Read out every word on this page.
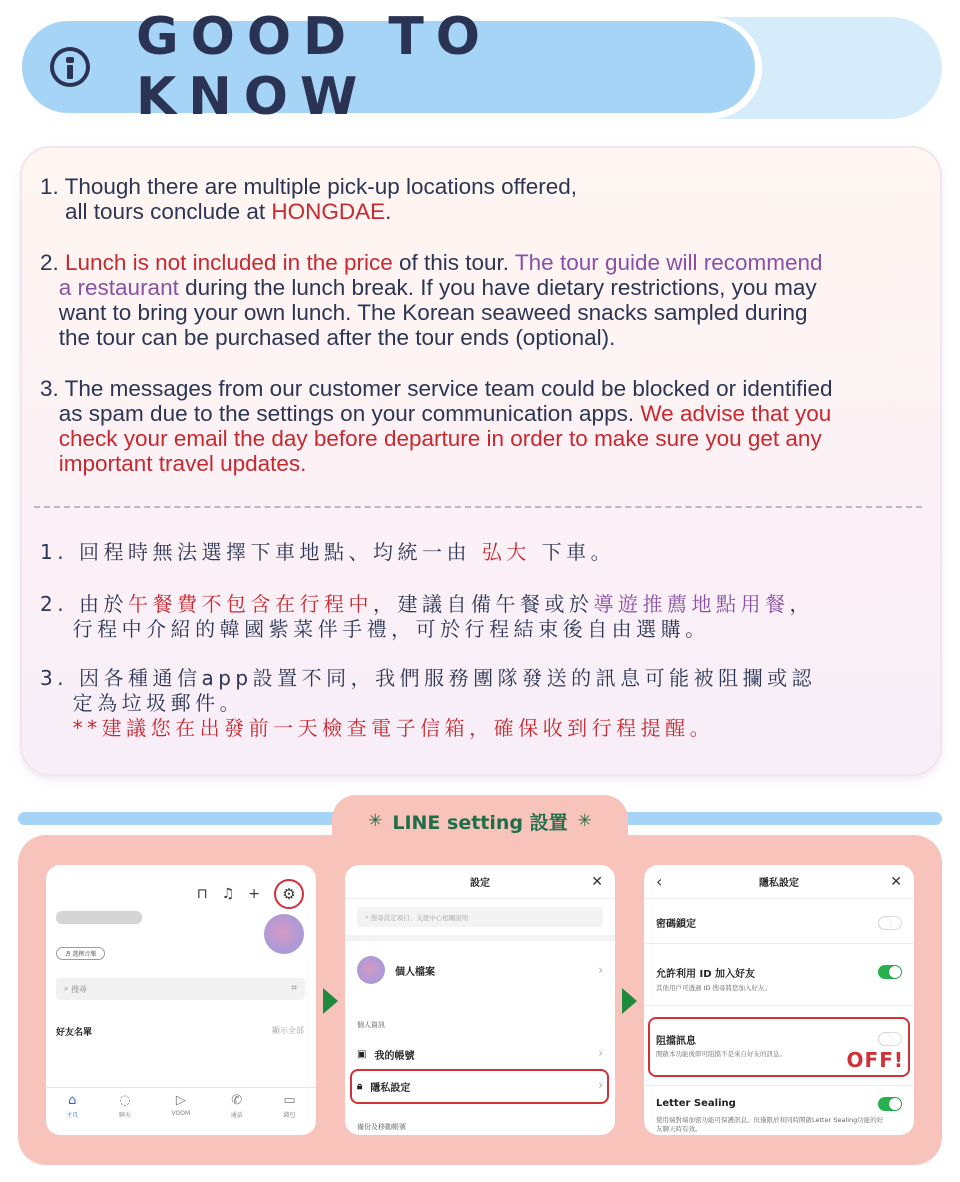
GOOD TO KNOW
1. Though there are multiple pick-up locations offered,
all tours conclude at HONGDAE.
2. Lunch is not included in the price of this tour. The tour guide will recommend
a restaurant during the lunch break. If you have dietary restrictions, you may
want to bring your own lunch. The Korean seaweed snacks sampled during
the tour can be purchased after the tour ends (optional).
3. The messages from our customer service team could be blocked or identified
as spam due to the settings on your communication apps. We advise that you
check your email the day before departure in order to make sure you get any
important travel updates.
1. 回程時無法選擇下車地點、均統一由 弘大 下車。
2. 由於午餐費不包含在行程中，建議自備午餐或於導遊推薦地點用餐，
行程中介紹的韓國紫菜伴手禮，可於行程結束後自由選購。
3. 因各種通信app設置不同，我們服務團隊發送的訊息可能被阻攔或認
定為垃圾郵件。
**建議您在出發前一天檢查電子信箱，確保收到行程提醒。
✳ LINE setting 設置 ✳
⊓ ♫ +	⚙
♬ 選擇音樂
⌕ 搜尋	⌗
好友名單	顯示全部
⌂
主頁
◌
聊天
▷
VOOM
✆
通話
▭
錢包
設定	✕
⌕ 搜尋設定項目、支援中心相關說明
個人檔案	›
個人資訊
▣ 我的帳號	›
🔒︎ 隱私設定	›
備份及移動帳號
隱私設定
‹	✕
密碼鎖定
允許利用 ID 加入好友
其他用戶可透過 ID 搜尋將您加入好友。
阻擋訊息
開啟本功能後即可阻擋不是來自好友的訊息。	OFF!
Letter Sealing
使用端對端加密功能可保護訊息。但僅限於和同時開啟Letter Sealing功能的好友聊天時有效。
